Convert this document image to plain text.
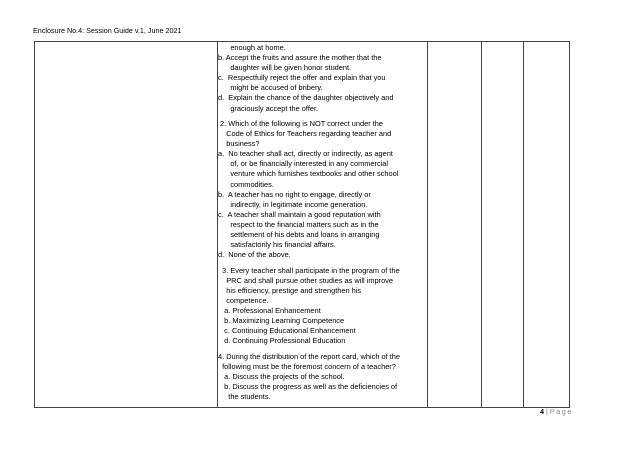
Enclosure No.4: Session Guide v.1, June 2021
enough at home.
b. Accept the fruits and assure the mother that the
daughter will be given honor student.
c.  Respectfully reject the offer and explain that you
might be accused of bribery.
d.  Explain the chance of the daughter objectively and
graciously accept the offer.
2. Which of the following is NOT correct under the
Code of Ethics for Teachers regarding teacher and
business?
a.  No teacher shall act, directly or indirectly, as agent
of, or be financially interested in any commercial
venture which furnishes textbooks and other school
commodities.
b.  A teacher has no right to engage, directly or
indirectly, in legitimate income generation.
c.  A teacher shall maintain a good reputation with
respect to the financial matters such as in the
settlement of his debts and loans in arranging
satisfactorily his financial affairs.
d.  None of the above.
3. Every teacher shall participate in the program of the
PRC and shall pursue other studies as will improve
his efficiency, prestige and strengthen his
competence.
a. Professional Enhancement
b. Maximizing Learning Competence
c. Continuing Educational Enhancement
d. Continuing Professional Education
4. During the distribution of the report card, which of the
following must be the foremost concern of a teacher?
a. Discuss the projects of the school.
b. Discuss the progress as well as the deficiencies of
the students.
4 | Page
